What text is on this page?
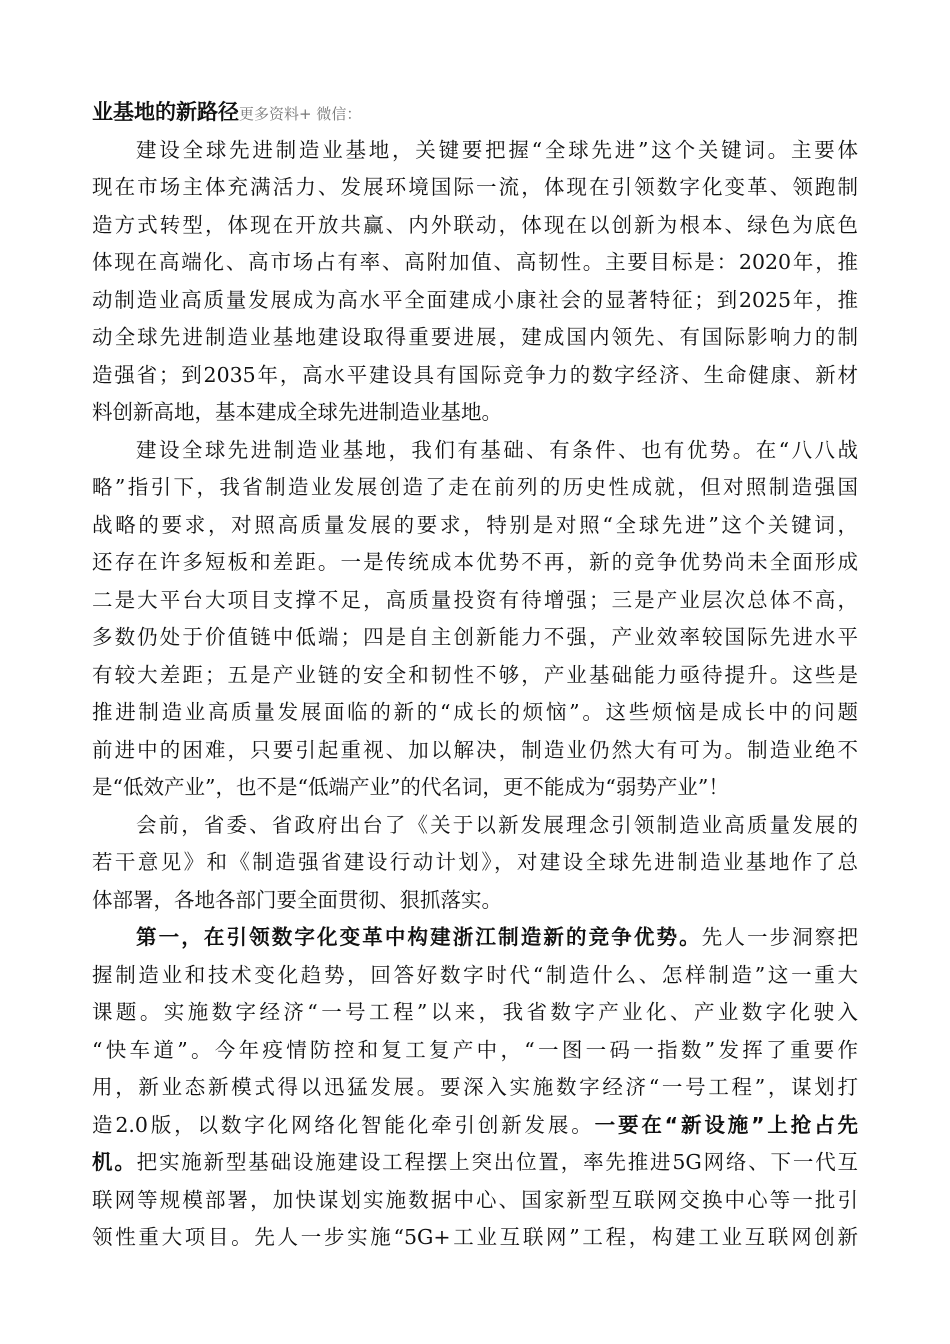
业基地的新路径更多资料+ 微信：
建设全球先进制造业基地，关键要把握“全球先进”这个关键词。主要体
现在市场主体充满活力、发展环境国际一流，体现在引领数字化变革、领跑制
造方式转型，体现在开放共赢、内外联动，体现在以创新为根本、绿色为底色
体现在高端化、高市场占有率、高附加值、高韧性。主要目标是：2020年，推
动制造业高质量发展成为高水平全面建成小康社会的显著特征；到2025年，推
动全球先进制造业基地建设取得重要进展，建成国内领先、有国际影响力的制
造强省；到2035年，高水平建设具有国际竞争力的数字经济、生命健康、新材
料创新高地，基本建成全球先进制造业基地。
建设全球先进制造业基地，我们有基础、有条件、也有优势。在“八八战
略”指引下，我省制造业发展创造了走在前列的历史性成就，但对照制造强国
战略的要求，对照高质量发展的要求，特别是对照“全球先进”这个关键词，
还存在许多短板和差距。一是传统成本优势不再，新的竞争优势尚未全面形成
二是大平台大项目支撑不足，高质量投资有待增强；三是产业层次总体不高，
多数仍处于价值链中低端；四是自主创新能力不强，产业效率较国际先进水平
有较大差距；五是产业链的安全和韧性不够，产业基础能力亟待提升。这些是
推进制造业高质量发展面临的新的“成长的烦恼”。这些烦恼是成长中的问题
前进中的困难，只要引起重视、加以解决，制造业仍然大有可为。制造业绝不
是“低效产业”，也不是“低端产业”的代名词，更不能成为“弱势产业”！
会前，省委、省政府出台了《关于以新发展理念引领制造业高质量发展的
若干意见》和《制造强省建设行动计划》，对建设全球先进制造业基地作了总
体部署，各地各部门要全面贯彻、狠抓落实。
第一，在引领数字化变革中构建浙江制造新的竞争优势。先人一步洞察把
握制造业和技术变化趋势，回答好数字时代“制造什么、怎样制造”这一重大
课题。实施数字经济“一号工程”以来，我省数字产业化、产业数字化驶入
“快车道”。今年疫情防控和复工复产中，“一图一码一指数”发挥了重要作
用，新业态新模式得以迅猛发展。要深入实施数字经济“一号工程”，谋划打
造2.0版，以数字化网络化智能化牵引创新发展。一要在“新设施”上抢占先
机。把实施新型基础设施建设工程摆上突出位置，率先推进5G网络、下一代互
联网等规模部署，加快谋划实施数据中心、国家新型互联网交换中心等一批引
领性重大项目。先人一步实施“5G+工业互联网”工程，构建工业互联网创新
